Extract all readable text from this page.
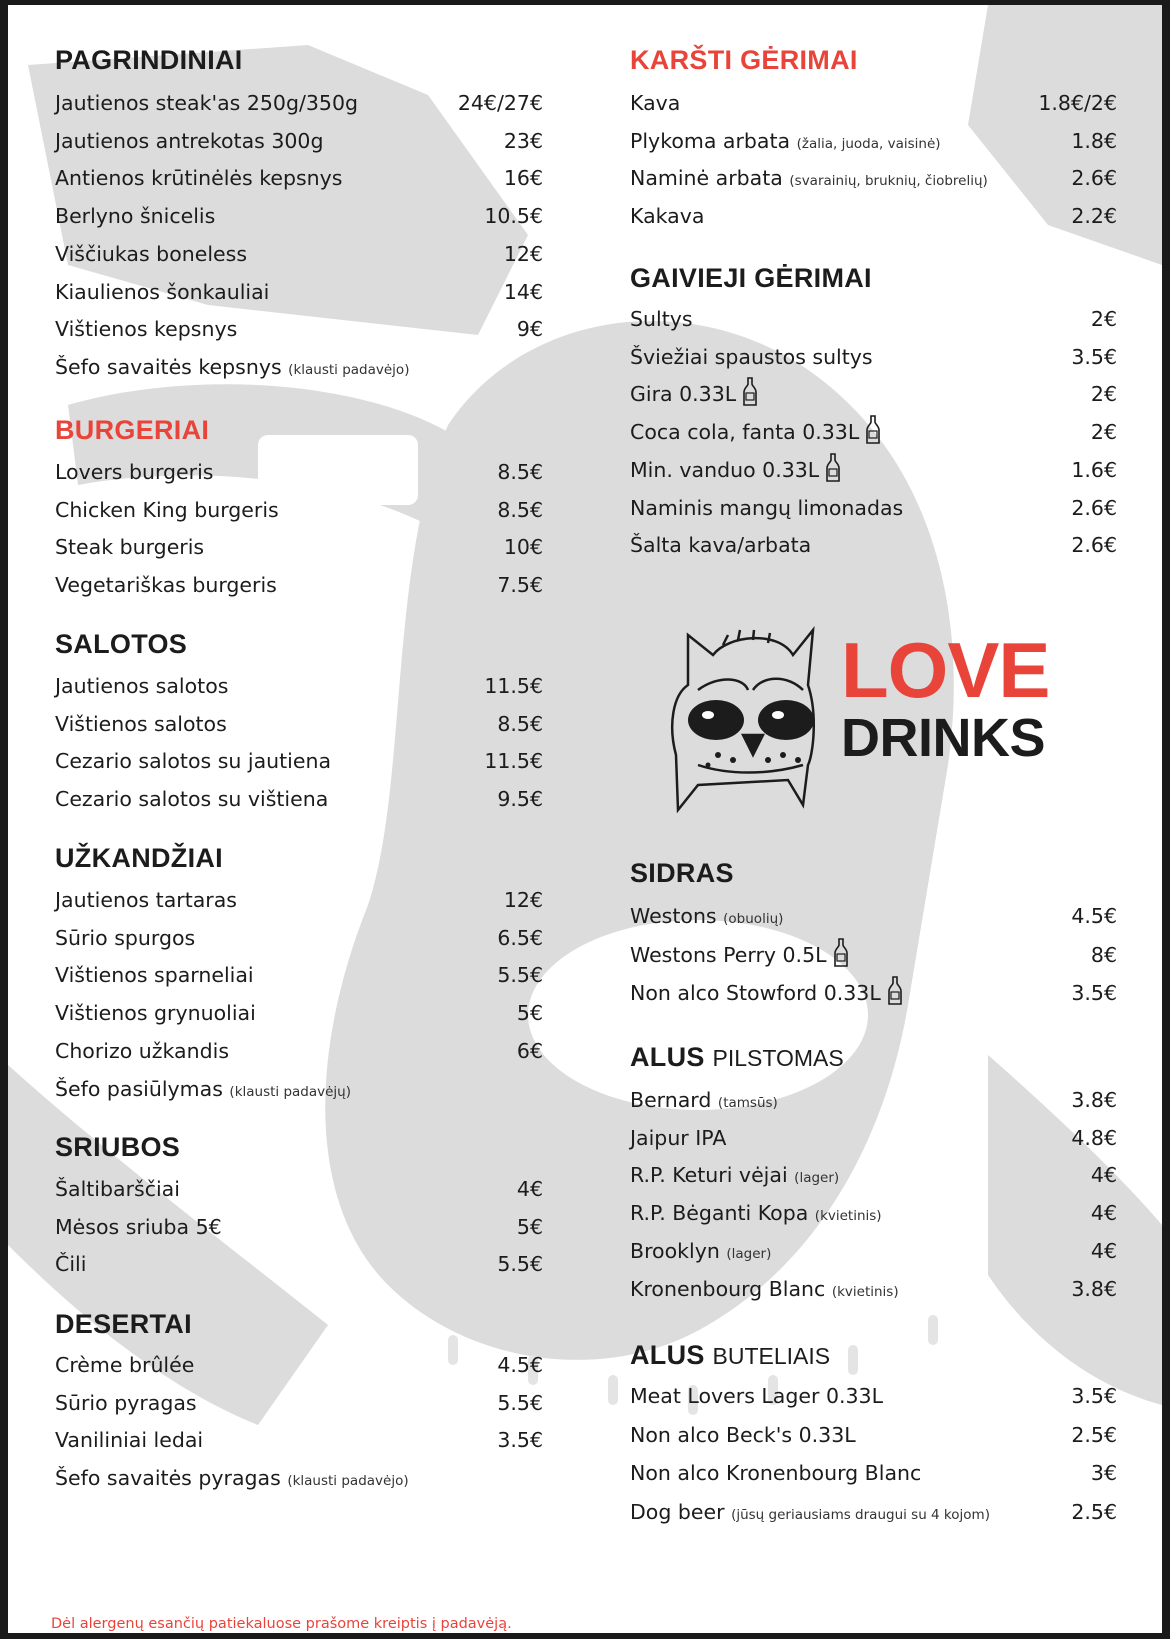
PAGRINDINIAI
Jautienos steak'as 250g/350g	24€/27€
Jautienos antrekotas 300g	23€
Antienos krūtinėlės kepsnys	16€
Berlyno šnicelis	10.5€
Viščiukas boneless	12€
Kiaulienos šonkauliai	14€
Vištienos kepsnys	9€
Šefo savaitės kepsnys (klausti padavėjo)
BURGERIAI
Lovers burgeris	8.5€
Chicken King burgeris	8.5€
Steak burgeris	10€
Vegetariškas burgeris	7.5€
SALOTOS
Jautienos salotos	11.5€
Vištienos salotos	8.5€
Cezario salotos su jautiena	11.5€
Cezario salotos su vištiena	9.5€
UŽKANDŽIAI
Jautienos tartaras	12€
Sūrio spurgos	6.5€
Vištienos sparneliai	5.5€
Vištienos grynuoliai	5€
Chorizo užkandis	6€
Šefo pasiūlymas (klausti padavėjų)
SRIUBOS
Šaltibarščiai	4€
Mėsos sriuba 5€	5€
Čili	5.5€
DESERTAI
Crème brûlée	4.5€
Sūrio pyragas	5.5€
Vaniliniai ledai	3.5€
Šefo savaitės pyragas (klausti padavėjo)
KARŠTI GĖRIMAI
Kava	1.8€/2€
Plykoma arbata (žalia, juoda, vaisinė)	1.8€
Naminė arbata (svarainių, bruknių, čiobrelių)	2.6€
Kakava	2.2€
GAIVIEJI GĖRIMAI
Sultys	2€
Šviežiai spaustos sultys	3.5€
Gira 0.33L	2€
Coca cola, fanta 0.33L	2€
Min. vanduo 0.33L	1.6€
Naminis mangų limonadas	2.6€
Šalta kava/arbata	2.6€
LOVE
DRINKS
SIDRAS
Westons (obuolių)	4.5€
Westons Perry 0.5L	8€
Non alco Stowford 0.33L	3.5€
ALUS PILSTOMAS
Bernard (tamsūs)	3.8€
Jaipur IPA	4.8€
R.P. Keturi vėjai (lager)	4€
R.P. Bėganti Kopa (kvietinis)	4€
Brooklyn (lager)	4€
Kronenbourg Blanc (kvietinis)	3.8€
ALUS BUTELIAIS
Meat Lovers Lager 0.33L	3.5€
Non alco Beck's 0.33L	2.5€
Non alco Kronenbourg Blanc	3€
Dog beer (jūsų geriausiams draugui su 4 kojom)	2.5€
Dėl alergenų esančių patiekaluose prašome kreiptis į padavėją.
